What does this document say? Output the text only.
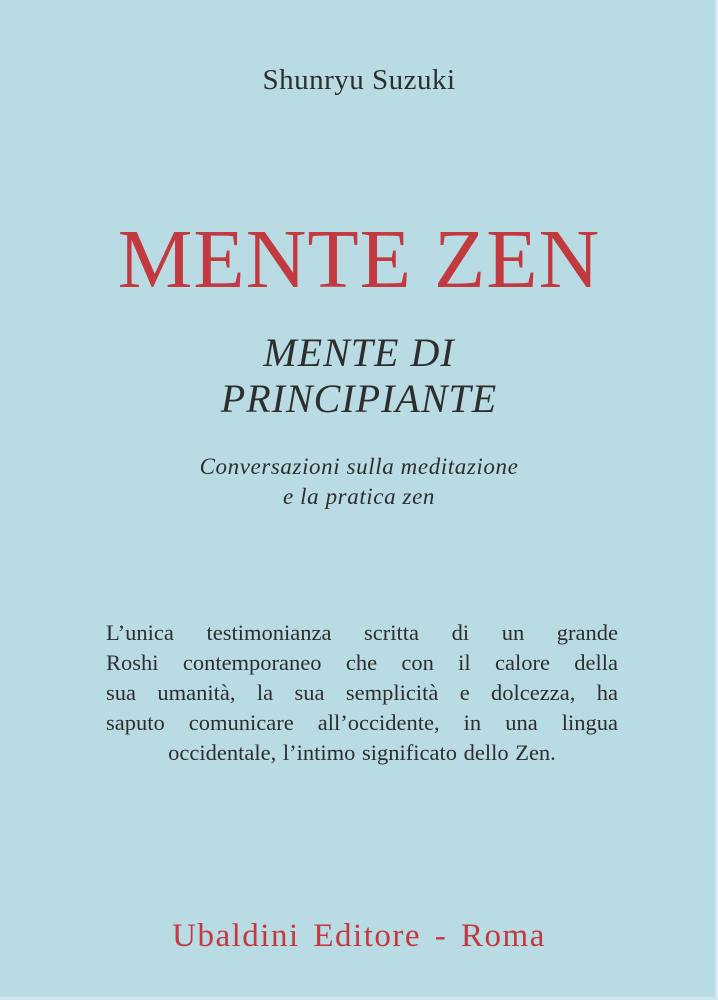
Shunryu Suzuki
MENTE ZEN
MENTE DI
PRINCIPIANTE
Conversazioni sulla meditazione
e la pratica zen
L’unica testimonianza scritta di un grande
Roshi contemporaneo che con il calore della
sua umanità, la sua semplicità e dolcezza, ha
saputo comunicare all’occidente, in una lingua
occidentale, l’intimo significato dello Zen.
Ubaldini Editore - Roma
